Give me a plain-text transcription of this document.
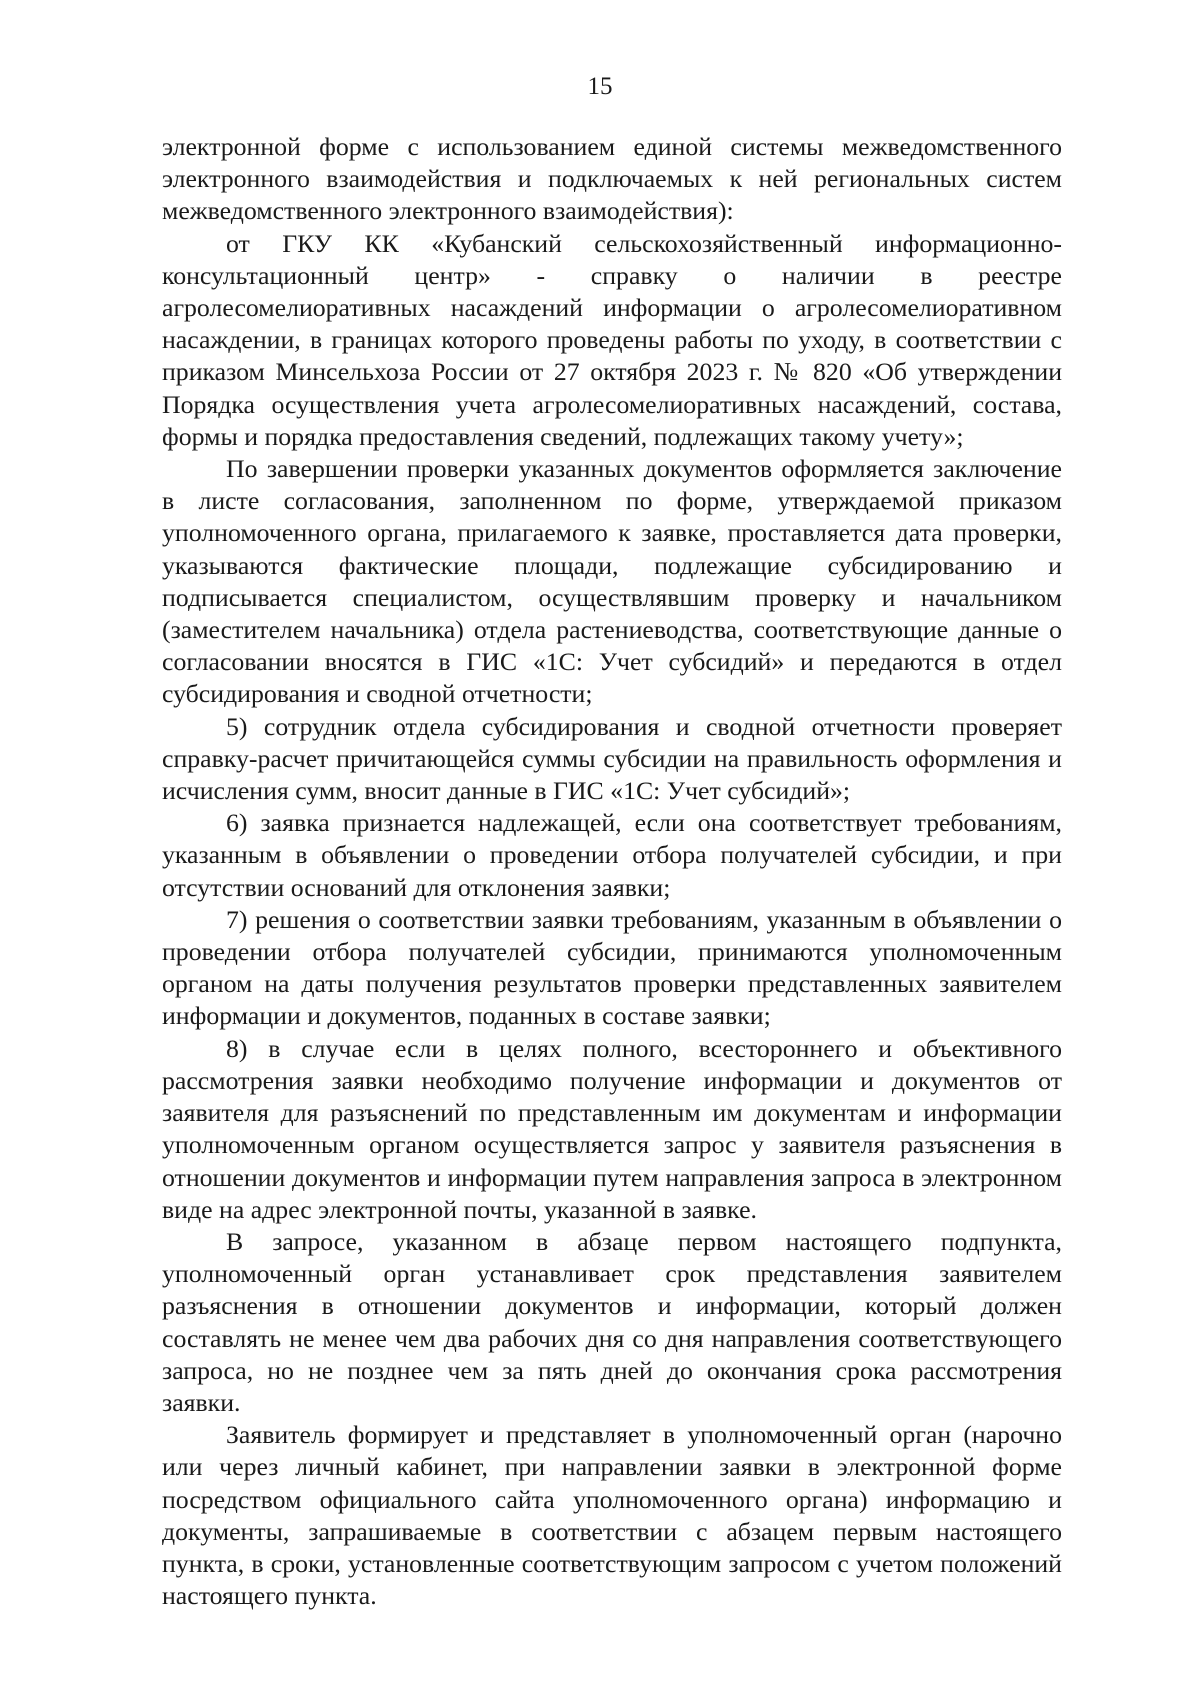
15

электронной форме с использованием единой системы межведомственного электронного взаимодействия и подключаемых к ней региональных систем межведомственного электронного взаимодействия):

от ГКУ КК «Кубанский сельскохозяйственный информационно-консультационный центр» - справку о наличии в реестре агролесомелиоративных насаждений информации о агролесомелиоративном насаждении, в границах которого проведены работы по уходу, в соответствии с приказом Минсельхоза России от 27 октября 2023 г. № 820 «Об утверждении Порядка осуществления учета агролесомелиоративных насаждений, состава, формы и порядка предоставления сведений, подлежащих такому учету»;

По завершении проверки указанных документов оформляется заключение в листе согласования, заполненном по форме, утверждаемой приказом уполномоченного органа, прилагаемого к заявке, проставляется дата проверки, указываются фактические площади, подлежащие субсидированию и подписывается специалистом, осуществлявшим проверку и начальником (заместителем начальника) отдела растениеводства, соответствующие данные о согласовании вносятся в ГИС «1С: Учет субсидий» и передаются в отдел субсидирования и сводной отчетности;

5) сотрудник отдела субсидирования и сводной отчетности проверяет справку-расчет причитающейся суммы субсидии на правильность оформления и исчисления сумм, вносит данные в ГИС «1С: Учет субсидий»;

6) заявка признается надлежащей, если она соответствует требованиям, указанным в объявлении о проведении отбора получателей субсидии, и при отсутствии оснований для отклонения заявки;

7) решения о соответствии заявки требованиям, указанным в объявлении о проведении отбора получателей субсидии, принимаются уполномоченным органом на даты получения результатов проверки представленных заявителем информации и документов, поданных в составе заявки;

8) в случае если в целях полного, всестороннего и объективного рассмотрения заявки необходимо получение информации и документов от заявителя для разъяснений по представленным им документам и информации уполномоченным органом осуществляется запрос у заявителя разъяснения в отношении документов и информации путем направления запроса в электронном виде на адрес электронной почты, указанной в заявке.

В запросе, указанном в абзаце первом настоящего подпункта, уполномоченный орган устанавливает срок представления заявителем разъяснения в отношении документов и информации, который должен составлять не менее чем два рабочих дня со дня направления соответствующего запроса, но не позднее чем за пять дней до окончания срока рассмотрения заявки.

Заявитель формирует и представляет в уполномоченный орган (нарочно или через личный кабинет, при направлении заявки в электронной форме посредством официального сайта уполномоченного органа) информацию и документы, запрашиваемые в соответствии с абзацем первым настоящего пункта, в сроки, установленные соответствующим запросом с учетом положений настоящего пункта.
